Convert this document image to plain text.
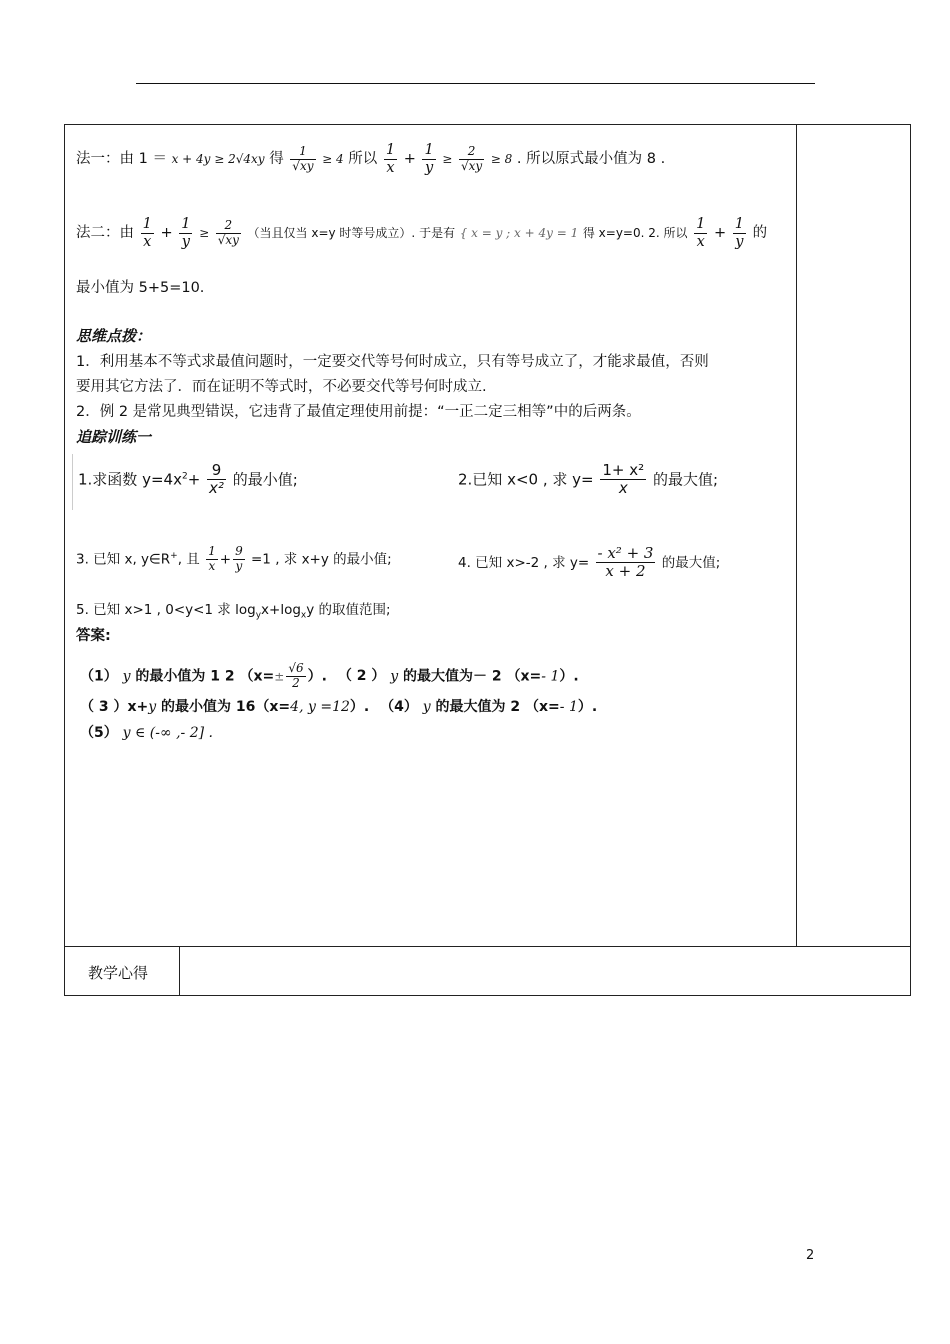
教学心得
法一：由 1 ＝ x + 4y ≥ 2√4xy 得 $\frac{1}{√xy} \ge 4$ 所以 $\frac{1}{x} + \frac{1}{y} \ge \frac{2}{√xy} \ge 8$ . 所以原式最小值为 8 .
法二：由 $\frac{1}{x} + \frac{1}{y} \ge \frac{2}{√xy}$ （当且仅当 x=y 时等号成立）. 于是有 { x = y ; x + 4y = 1 得 x=y=0. 2. 所以 $\frac{1}{x} + \frac{1}{y}$ 的
最小值为 5+5=10.
思维点拨：
1．利用基本不等式求最值问题时，一定要交代等号何时成立，只有等号成立了，才能求最值，否则
要用其它方法了．而在证明不等式时，不必要交代等号何时成立.
2．例 2 是常见典型错误，它违背了最值定理使用前提：“一正二定三相等”中的后两条。
追踪训练一
1.求函数 $y=4x^2+ \frac{9}{\text{x²}}$ 的最小值;	2.已知 x<0 , 求 $y= \frac{\text{1+ x²}}{x}$ 的最大值;
3. 已知 x, y∈R+, 且 $\frac{1}{x} + \frac{9}{y} =1$ , 求 x+y 的最小值;	4. 已知 x>-2 , 求 $y= \frac{\text{- x² + 3}}{x + 2}$ 的最大值;
5. 已知 x>1 , 0<y<1 求 $\log_yx+\log_xy$ 的取值范围;
答案:
（1） y 的最小值为 1 2 （$x=\pm \frac{√6}{2}$ ）. （ 2 ） y 的最大值为－ 2 （x=- 1）.
（ 3 ）x+y 的最小值为 16（x=4, y =12）. （4） y 的最大值为 2 （x=- 1）.
（5） y ∈ (-∞ ,- 2] .
2
